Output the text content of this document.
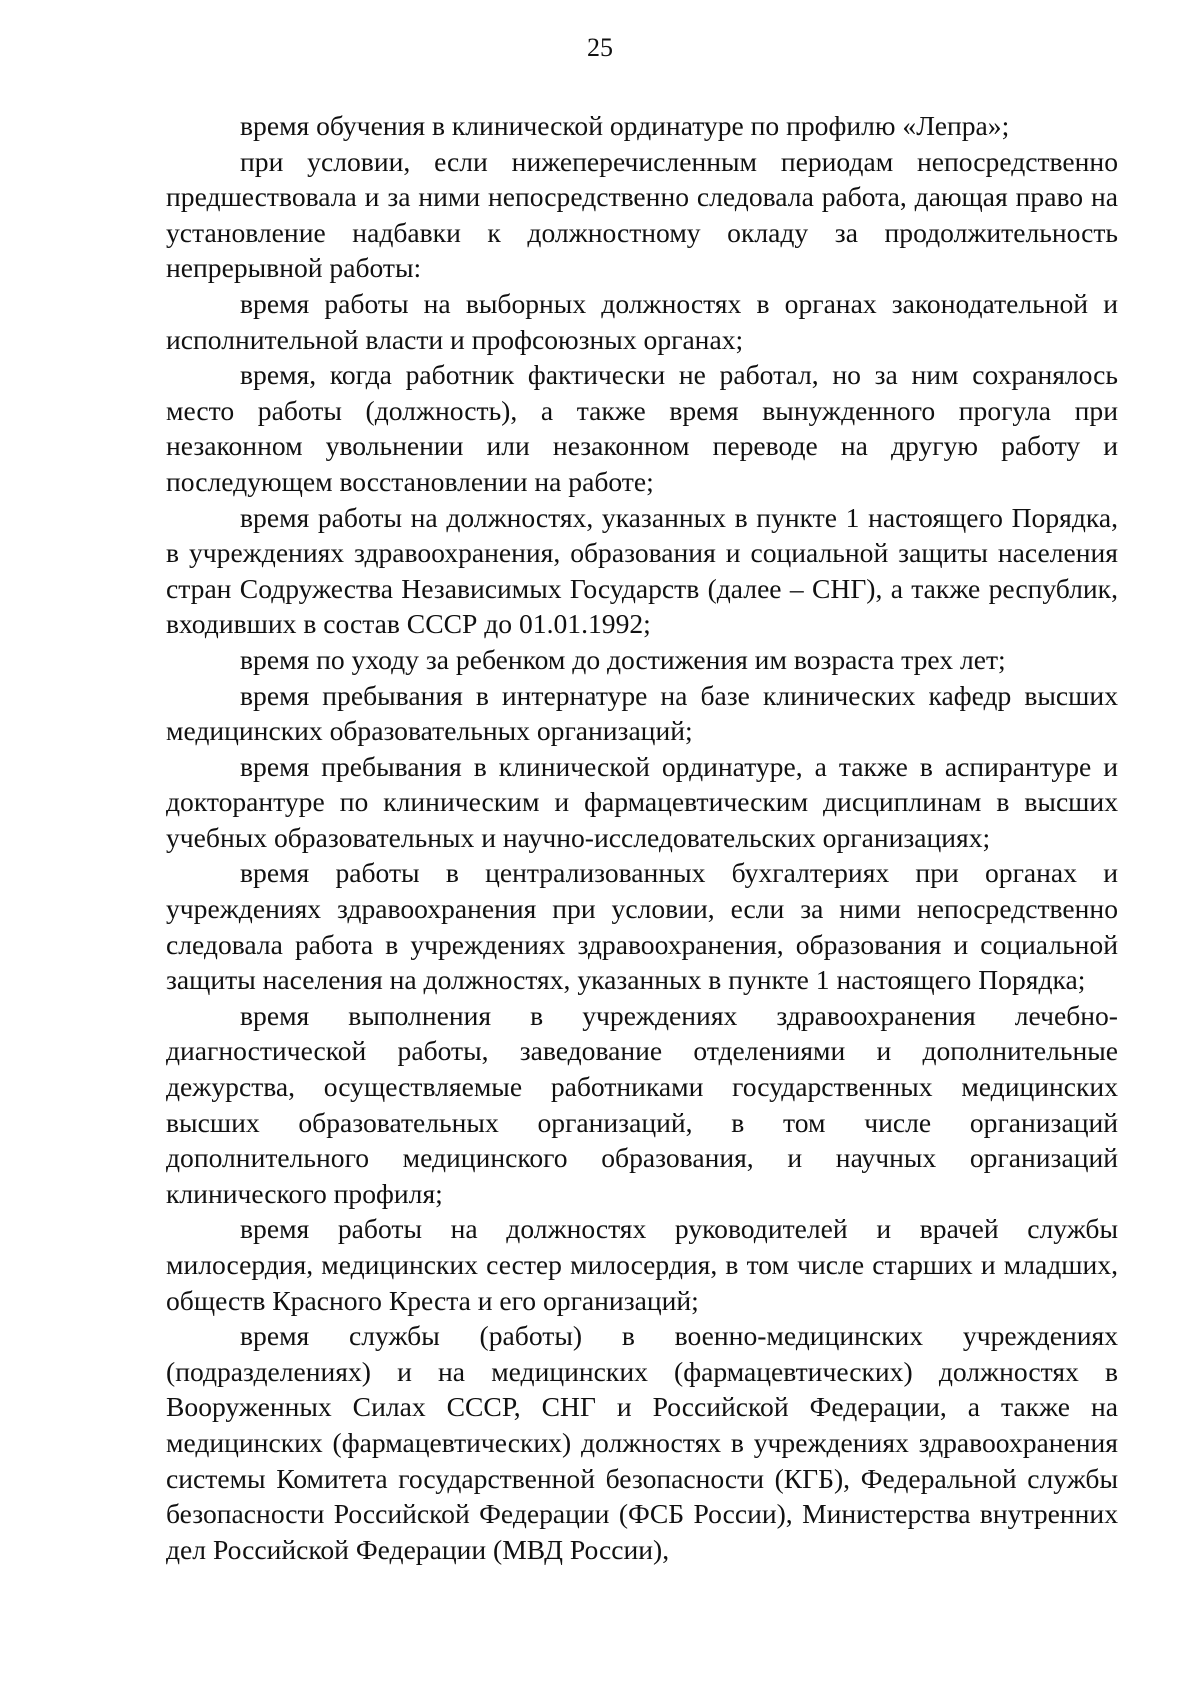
25

время обучения в клинической ординатуре по профилю «Лепра»;

при условии, если нижеперечисленным периодам непосредственно предшествовала и за ними непосредственно следовала работа, дающая право на установление надбавки к должностному окладу за продолжительность непрерывной работы:

время работы на выборных должностях в органах законодательной и исполнительной власти и профсоюзных органах;

время, когда работник фактически не работал, но за ним сохранялось место работы (должность), а также время вынужденного прогула при незаконном увольнении или незаконном переводе на другую работу и последующем восстановлении на работе;

время работы на должностях, указанных в пункте 1 настоящего Порядка, в учреждениях здравоохранения, образования и социальной защиты населения стран Содружества Независимых Государств (далее – СНГ), а также республик, входивших в состав СССР до 01.01.1992;

время по уходу за ребенком до достижения им возраста трех лет;

время пребывания в интернатуре на базе клинических кафедр высших медицинских образовательных организаций;

время пребывания в клинической ординатуре, а также в аспирантуре и докторантуре по клиническим и фармацевтическим дисциплинам в высших учебных образовательных и научно-исследовательских организациях;

время работы в централизованных бухгалтериях при органах и учреждениях здравоохранения при условии, если за ними непосредственно следовала работа в учреждениях здравоохранения, образования и социальной защиты населения на должностях, указанных в пункте 1 настоящего Порядка;

время выполнения в учреждениях здравоохранения лечебно-диагностической работы, заведование отделениями и дополнительные дежурства, осуществляемые работниками государственных медицинских высших образовательных организаций, в том числе организаций дополнительного медицинского образования, и научных организаций клинического профиля;

время работы на должностях руководителей и врачей службы милосердия, медицинских сестер милосердия, в том числе старших и младших, обществ Красного Креста и его организаций;

время службы (работы) в военно-медицинских учреждениях (подразделениях) и на медицинских (фармацевтических) должностях в Вооруженных Силах СССР, СНГ и Российской Федерации, а также на медицинских (фармацевтических) должностях в учреждениях здравоохранения системы Комитета государственной безопасности (КГБ), Федеральной службы безопасности Российской Федерации (ФСБ России), Министерства внутренних дел Российской Федерации (МВД России),
